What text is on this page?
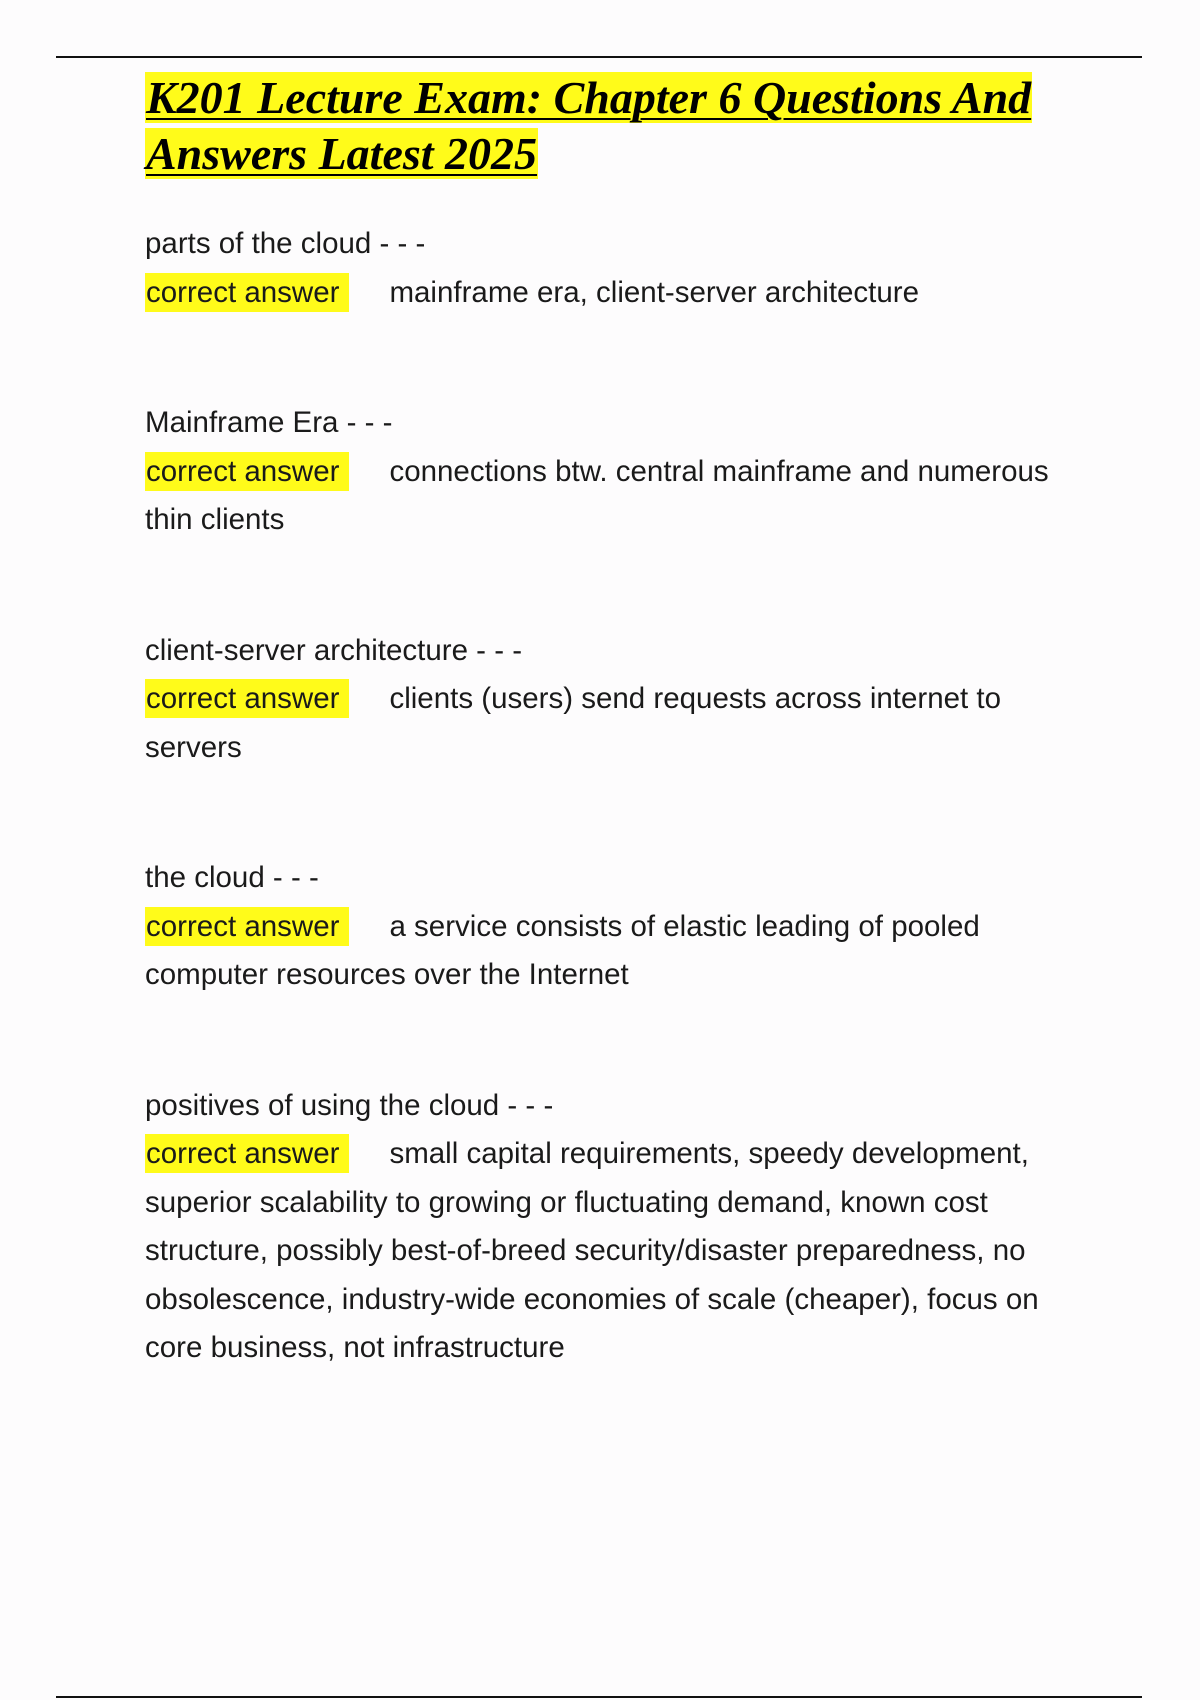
K201 Lecture Exam: Chapter 6 Questions And Answers Latest 2025
parts of the cloud - - -
correct answer mainframe era, client-server architecture
Mainframe Era - - -
correct answer connections btw. central mainframe and numerous thin clients
client-server architecture - - -
correct answer clients (users) send requests across internet to servers
the cloud - - -
correct answer a service consists of elastic leading of pooled computer resources over the Internet
positives of using the cloud - - -
correct answer small capital requirements, speedy development, superior scalability to growing or fluctuating demand, known cost structure, possibly best-of-breed security/disaster preparedness, no obsolescence, industry-wide economies of scale (cheaper), focus on core business, not infrastructure
